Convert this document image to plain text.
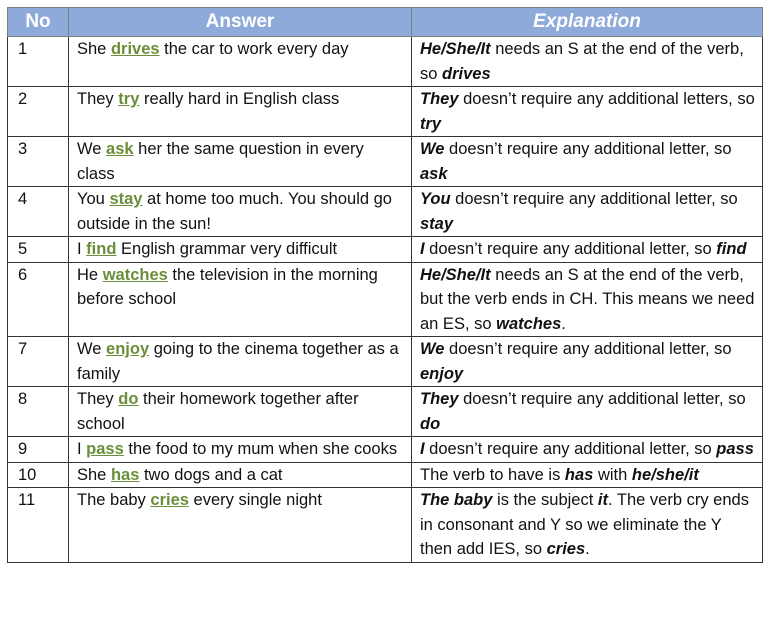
No	Answer	Explanation
1	She drives the car to work every day	He/She/It needs an S at the end of the verb, so drives
2	They try really hard in English class	They doesn’t require any additional letters, so try
3	We ask her the same question in every class	We doesn’t require any additional letter, so ask
4	You stay at home too much. You should go outside in the sun!	You doesn’t require any additional letter, so stay
5	I find English grammar very difficult	I doesn’t require any additional letter, so find
6	He watches the television in the morning before school	He/She/It needs an S at the end of the verb, but the verb ends in CH. This means we need an ES, so watches.
7	We enjoy going to the cinema together as a family	We doesn’t require any additional letter, so enjoy
8	They do their homework together after school	They doesn’t require any additional letter, so do
9	I pass the food to my mum when she cooks	I doesn’t require any additional letter, so pass
10	She has two dogs and a cat	The verb to have is has with he/she/it
11	The baby cries every single night	The baby is the subject it. The verb cry ends in consonant and Y so we eliminate the Y then add IES, so cries.
